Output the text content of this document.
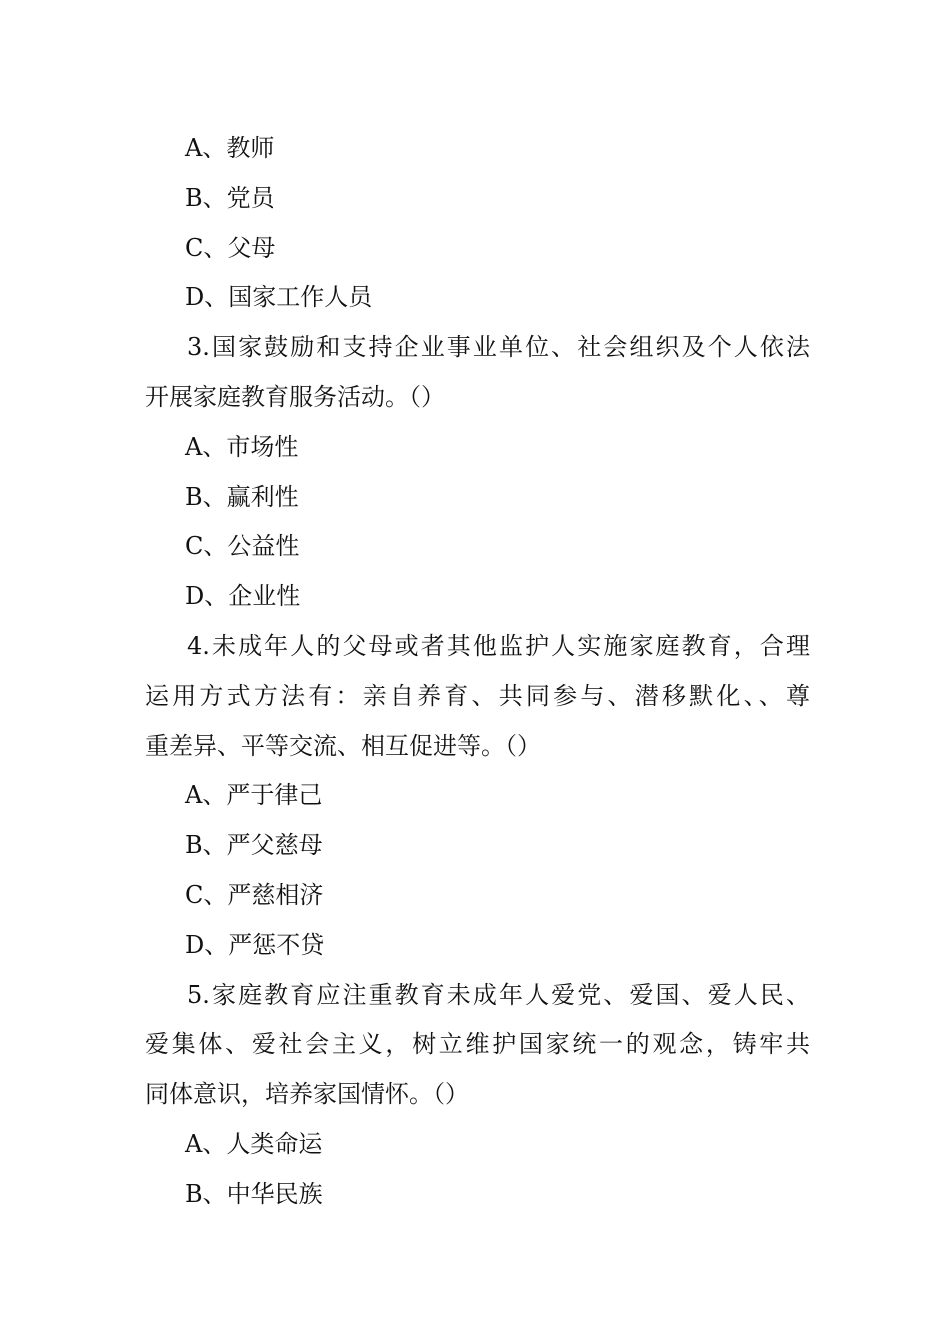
A、教师
B、党员
C、父母
D、国家工作人员
3.国家鼓励和支持企业事业单位、社会组织及个人依法
开展家庭教育服务活动。（）
A、市场性
B、赢利性
C、公益性
D、企业性
4.未成年人的父母或者其他监护人实施家庭教育，合理
运用方式方法有：亲自养育、共同参与、潜移默化、、尊
重差异、平等交流、相互促进等。（）
A、严于律己
B、严父慈母
C、严慈相济
D、严惩不贷
5.家庭教育应注重教育未成年人爱党、爱国、爱人民、
爱集体、爱社会主义，树立维护国家统一的观念，铸牢共
同体意识，培养家国情怀。（）
A、人类命运
B、中华民族
